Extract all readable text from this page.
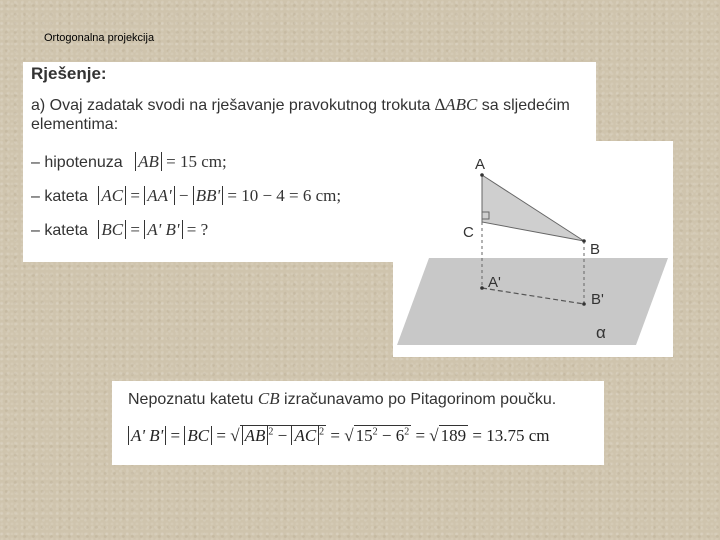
Ortogonalna projekcija
Rješenje:
a) Ovaj zadatak svodi na rješavanje pravokutnog trokuta ∆ABC sa sljedećim
elementima:
– hipotenuza AB = 15 cm;
– kateta AC = AA' − BB' = 10 − 4 = 6 cm;
– kateta BC = A' B' = ?
A
C
B
A'
B'
α
Nepoznatu katetu CB izračunavamo po Pitagorinom poučku.
A' B' = BC = √ AB $^2$ − AC $^2$ = √ $15^2 - 6^2$ = √ 189 = 13.75 cm
